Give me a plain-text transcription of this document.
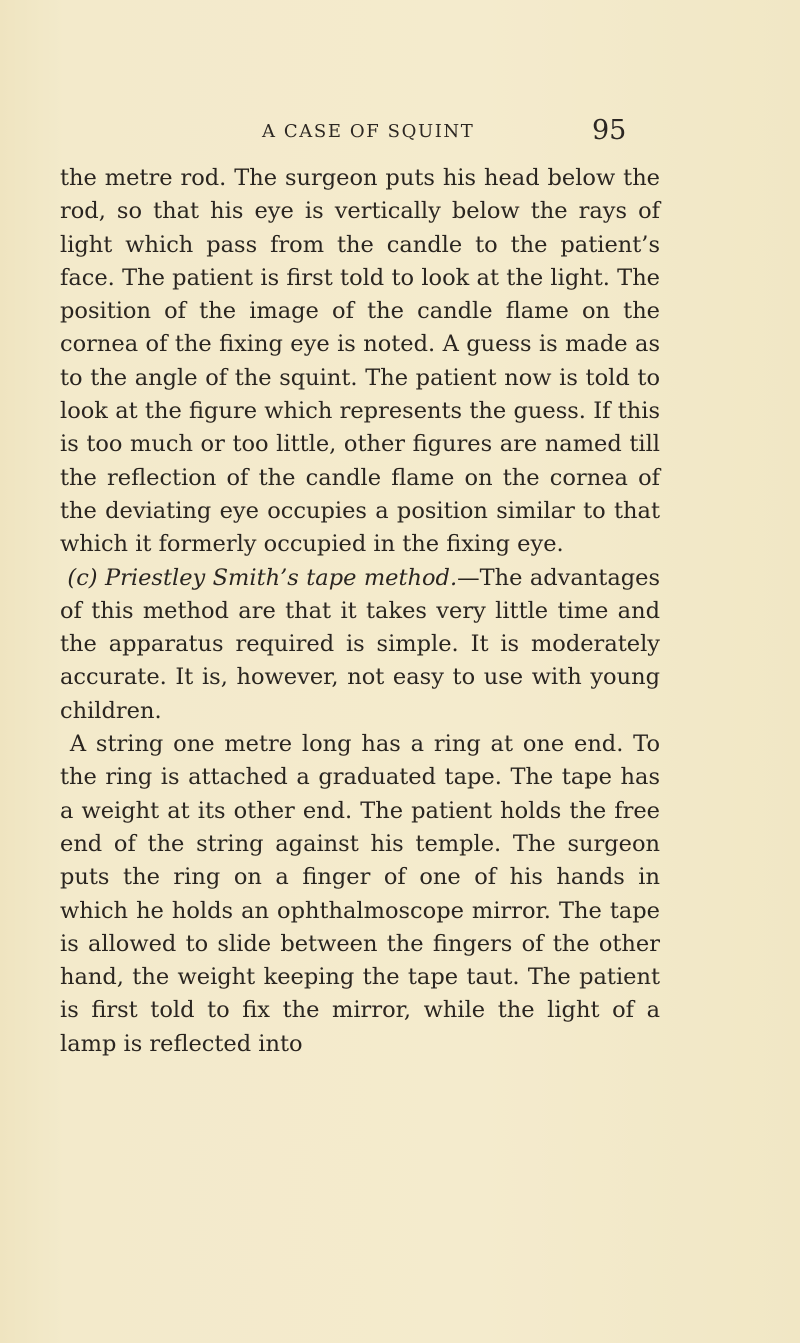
A CASE OF SQUINT	95

the metre rod. The surgeon puts his head below the rod, so that his eye is vertically below the rays of light which pass from the candle to the patient’s face. The patient is first told to look at the light. The position of the image of the candle flame on the cornea of the fixing eye is noted. A guess is made as to the angle of the squint. The patient now is told to look at the figure which represents the guess. If this is too much or too little, other figures are named till the reflection of the candle flame on the cornea of the deviating eye occupies a position similar to that which it formerly occupied in the fixing eye.

(c) Priestley Smith’s tape method.—The advantages of this method are that it takes very little time and the apparatus required is simple. It is moderately accurate. It is, however, not easy to use with young children.

A string one metre long has a ring at one end. To the ring is attached a graduated tape. The tape has a weight at its other end. The patient holds the free end of the string against his temple. The surgeon puts the ring on a finger of one of his hands in which he holds an ophthalmoscope mirror. The tape is allowed to slide between the fingers of the other hand, the weight keeping the tape taut. The patient is first told to fix the mirror, while the light of a lamp is reflected into
